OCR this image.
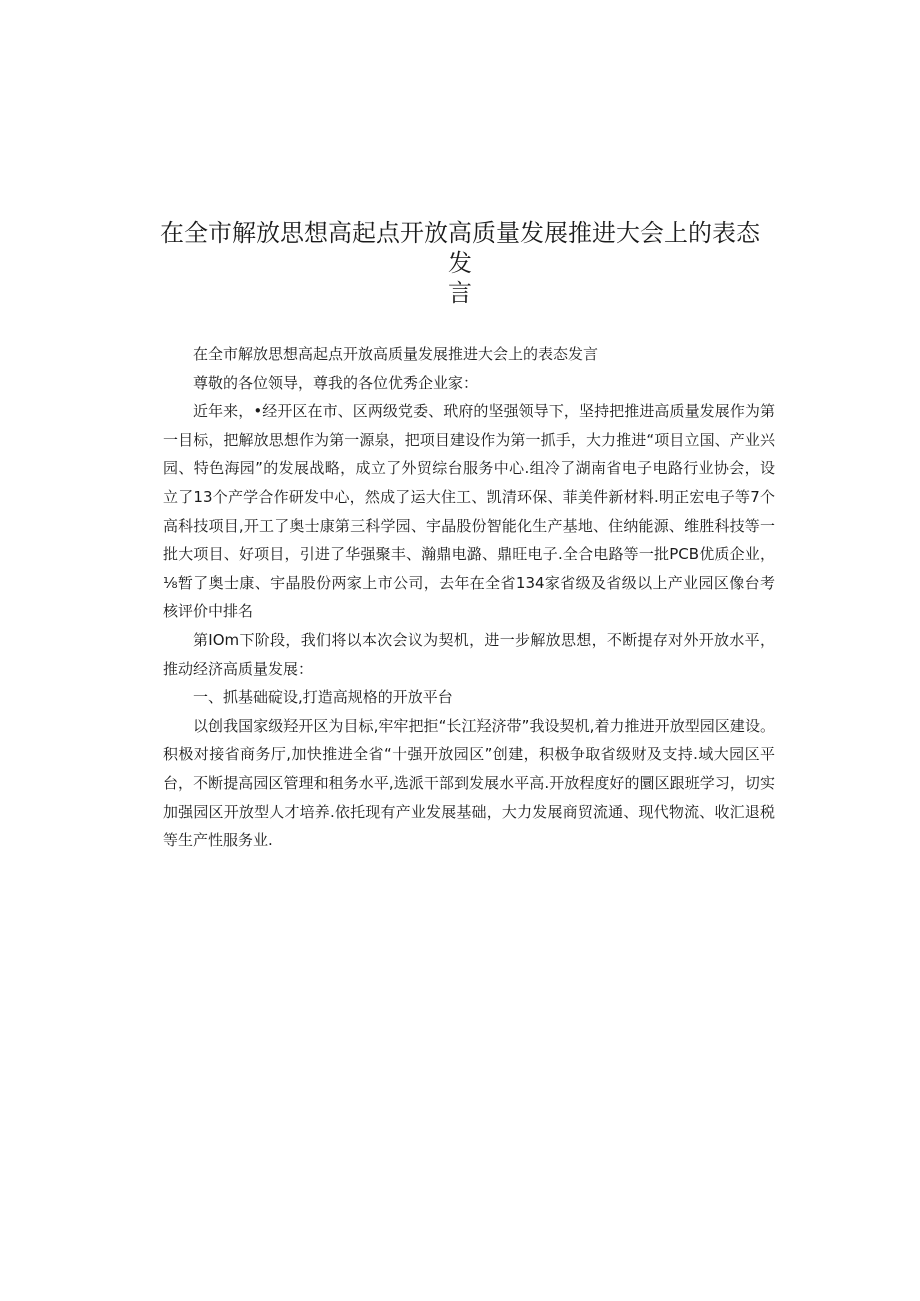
在全市解放思想高起点开放高质量发展推进大会上的表态发
言

在全市解放思想高起点开放高质量发展推进大会上的表态发言

尊敬的各位领导，尊我的各位优秀企业家：

近年来，•经开区在市、区两级党委、玳府的坚强领导下，坚持把推进高质量发展作为第一目标，把解放思想作为第一源泉，把项目建设作为第一抓手，大力推进“项目立国、产业兴园、特色海园”的发展战略，成立了外贸综台服务中心.组冷了湖南省电子电路行业协会，设立了13个产学合作研发中心，然成了运大住工、凯清环保、菲美件新材料.明正宏电子等7个高科技项目,开工了奥士康第三科学园、宇晶股份智能化生产基地、住纳能源、维胜科技等一批大项目、好项目，引进了华强聚丰、瀚鼎电潞、鼎旺电子.全合电路等一批PCB优质企业，⅛暂了奥士康、宇晶股份两家上市公司，去年在全省134家省级及省级以上产业园区像台考核评价中排名

第IOm下阶段，我们将以本次会议为契机，进一步解放思想，不断提存对外开放水平，推动经济高质量发展：

一、抓基础碇设,打造高规格的开放平台

以创我国家级羟开区为目标,牢牢把拒“长江羟济带”我设契机,着力推进开放型园区建设。积极对接省商务厅,加快推进全省“十强开放园区”创建，积极争取省级财及支持.域大园区平台，不断提高园区管理和租务水平,选派干部到发展水平高.开放程度好的圜区跟班学习，切实加强园区开放型人才培养.依托现有产业发展基础，大力发展商贸流通、现代物流、收汇退税等生产性服务业.
